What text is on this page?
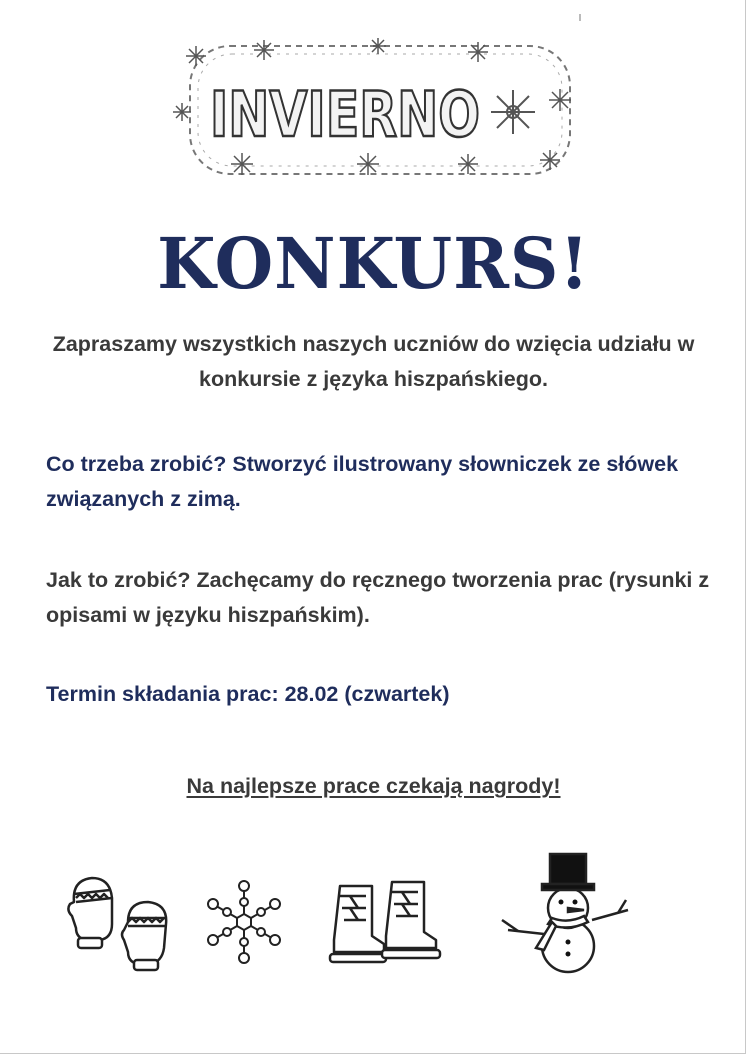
INVIERNO
KONKURS!
Zapraszamy wszystkich naszych uczniów do wzięcia udziału w konkursie z języka hiszpańskiego.
Co trzeba zrobić? Stworzyć ilustrowany słowniczek ze słówek związanych z zimą.
Jak to zrobić? Zachęcamy do ręcznego tworzenia prac (rysunki z opisami w języku hiszpańskim).
Termin składania prac: 28.02 (czwartek)
Na najlepsze prace czekają nagrody!
